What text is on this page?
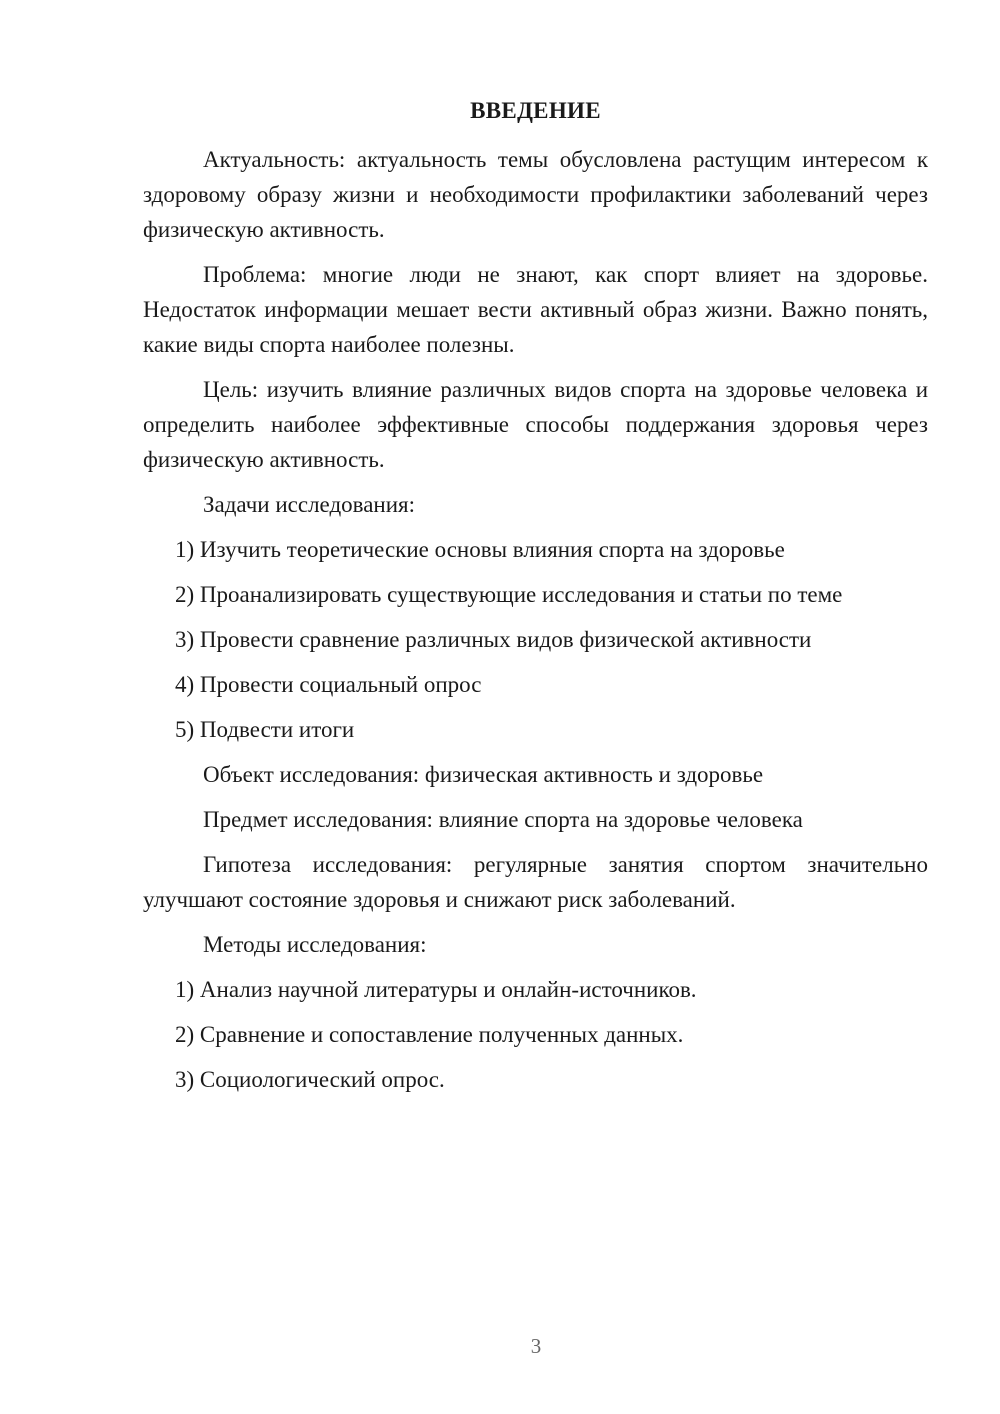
ВВЕДЕНИЕ

Актуальность: актуальность темы обусловлена растущим интересом к здоровому образу жизни и необходимости профилактики заболеваний через физическую активность.

Проблема: многие люди не знают, как спорт влияет на здоровье. Недостаток информации мешает вести активный образ жизни. Важно понять, какие виды спорта наиболее полезны.

Цель: изучить влияние различных видов спорта на здоровье человека и определить наиболее эффективные способы поддержания здоровья через физическую активность.

Задачи исследования:
1) Изучить теоретические основы влияния спорта на здоровье
2) Проанализировать существующие исследования и статьи по теме
3) Провести сравнение различных видов физической активности
4) Провести социальный опрос
5) Подвести итоги
Объект исследования: физическая активность и здоровье
Предмет исследования: влияние спорта на здоровье человека

Гипотеза исследования: регулярные занятия спортом значительно улучшают состояние здоровья и снижают риск заболеваний.

Методы исследования:
1) Анализ научной литературы и онлайн-источников.
2) Сравнение и сопоставление полученных данных.
3) Социологический опрос.
3
